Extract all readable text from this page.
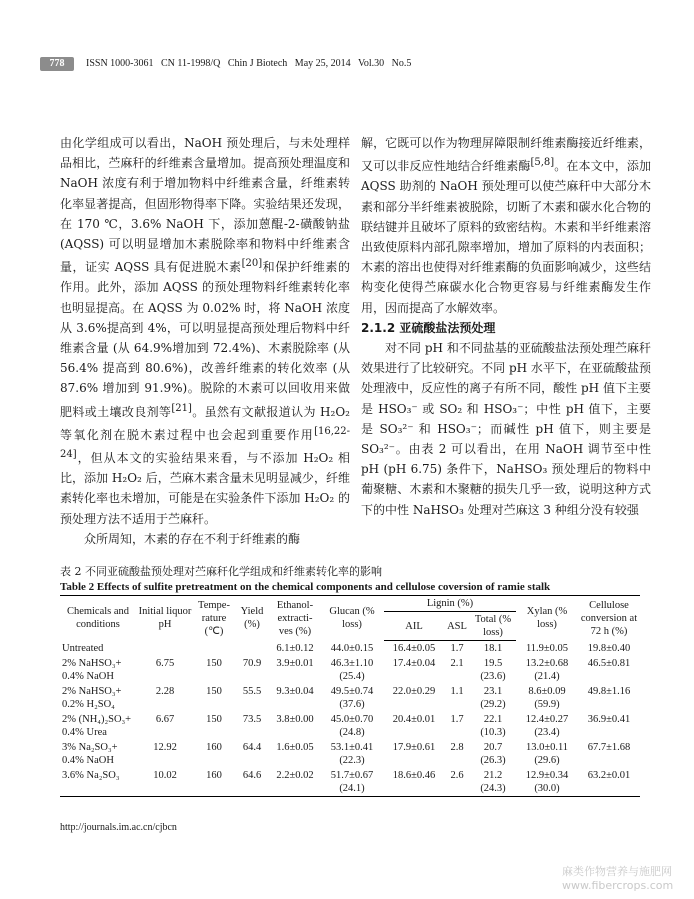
778	ISSN 1000-3061   CN 11-1998/Q   Chin J Biotech   May 25, 2014   Vol.30   No.5

由化学组成可以看出，NaOH 预处理后，与未处理样品相比，苎麻秆的纤维素含量增加。提高预处理温度和 NaOH 浓度有利于增加物料中纤维素含量，纤维素转化率显著提高，但固形物得率下降。实验结果还发现，在 170 ℃，3.6% NaOH 下，添加蒽醌-2-磺酸钠盐 (AQSS) 可以明显增加木素脱除率和物料中纤维素含量，证实 AQSS 具有促进脱木素[20]和保护纤维素的作用。此外，添加 AQSS 的预处理物料纤维素转化率也明显提高。在 AQSS 为 0.02% 时，将 NaOH 浓度从 3.6%提高到 4%，可以明显提高预处理后物料中纤维素含量 (从 64.9%增加到 72.4%)、木素脱除率 (从 56.4% 提高到 80.6%)，改善纤维素的转化效率 (从 87.6% 增加到 91.9%)。脱除的木素可以回收用来做肥料或土壤改良剂等[21]。虽然有文献报道认为 H₂O₂ 等氧化剂在脱木素过程中也会起到重要作用[16,22-24]，但从本文的实验结果来看，与不添加 H₂O₂ 相比，添加 H₂O₂ 后，苎麻木素含量未见明显减少，纤维素转化率也未增加，可能是在实验条件下添加 H₂O₂ 的预处理方法不适用于苎麻秆。

众所周知，木素的存在不利于纤维素的酶

解，它既可以作为物理屏障限制纤维素酶接近纤维素，又可以非反应性地结合纤维素酶[5,8]。在本文中，添加 AQSS 助剂的 NaOH 预处理可以使苎麻秆中大部分木素和部分半纤维素被脱除，切断了木素和碳水化合物的联结键并且破坏了原料的致密结构。木素和半纤维素溶出致使原料内部孔隙率增加，增加了原料的内表面积；木素的溶出也使得对纤维素酶的负面影响减少，这些结构变化使得苎麻碳水化合物更容易与纤维素酶发生作用，因而提高了水解效率。

2.1.2 亚硫酸盐法预处理

对不同 pH 和不同盐基的亚硫酸盐法预处理苎麻秆效果进行了比较研究。不同 pH 水平下，在亚硫酸盐预处理液中，反应性的离子有所不同，酸性 pH 值下主要是 HSO₃⁻ 或 SO₂ 和 HSO₃⁻；中性 pH 值下，主要是 SO₃²⁻ 和 HSO₃⁻；而碱性 pH 值下，则主要是 SO₃²⁻。由表 2 可以看出，在用 NaOH 调节至中性 pH (pH 6.75) 条件下，NaHSO₃ 预处理后的物料中葡聚糖、木素和木聚糖的损失几乎一致，说明这种方式下的中性 NaHSO₃ 处理对苎麻这 3 种组分没有较强

表 2 不同亚硫酸盐预处理对苎麻秆化学组成和纤维素转化率的影响
Table 2 Effects of sulfite pretreatment on the chemical components and cellulose coversion of ramie stalk
Chemicals and conditions	Initial liquor pH	Tempe-rature (℃)	Yield (%)	Ethanol-extracti-ves (%)	Glucan (% loss)	Lignin (%)			Xylan (% loss)	Cellulose conversion at 72 h (%)
						AIL	ASL	Total (% loss)		
Untreated				6.1±0.12	44.0±0.15	16.4±0.05	1.7	18.1	11.9±0.05	19.8±0.40
2% NaHSO₃+ 0.4% NaOH	6.75	150	70.9	3.9±0.01	46.3±1.10 (25.4)	17.4±0.04	2.1	19.5 (23.6)	13.2±0.68 (21.4)	46.5±0.81
2% NaHSO₃+ 0.2% H₂SO₄	2.28	150	55.5	9.3±0.04	49.5±0.74 (37.6)	22.0±0.29	1.1	23.1 (29.2)	8.6±0.09 (59.9)	49.8±1.16
2% (NH₄)₂SO₃+ 0.4% Urea	6.67	150	73.5	3.8±0.00	45.0±0.70 (24.8)	20.4±0.01	1.7	22.1 (10.3)	12.4±0.27 (23.4)	36.9±0.41
3% Na₂SO₃+ 0.4% NaOH	12.92	160	64.4	1.6±0.05	53.1±0.41 (22.3)	17.9±0.61	2.8	20.7 (26.3)	13.0±0.11 (29.6)	67.7±1.68
3.6% Na₂SO₃	10.02	160	64.6	2.2±0.02	51.7±0.67 (24.1)	18.6±0.46	2.6	21.2 (24.3)	12.9±0.34 (30.0)	63.2±0.01
http://journals.im.ac.cn/cjbcn
麻类作物营养与施肥网
www.fibercrops.com
